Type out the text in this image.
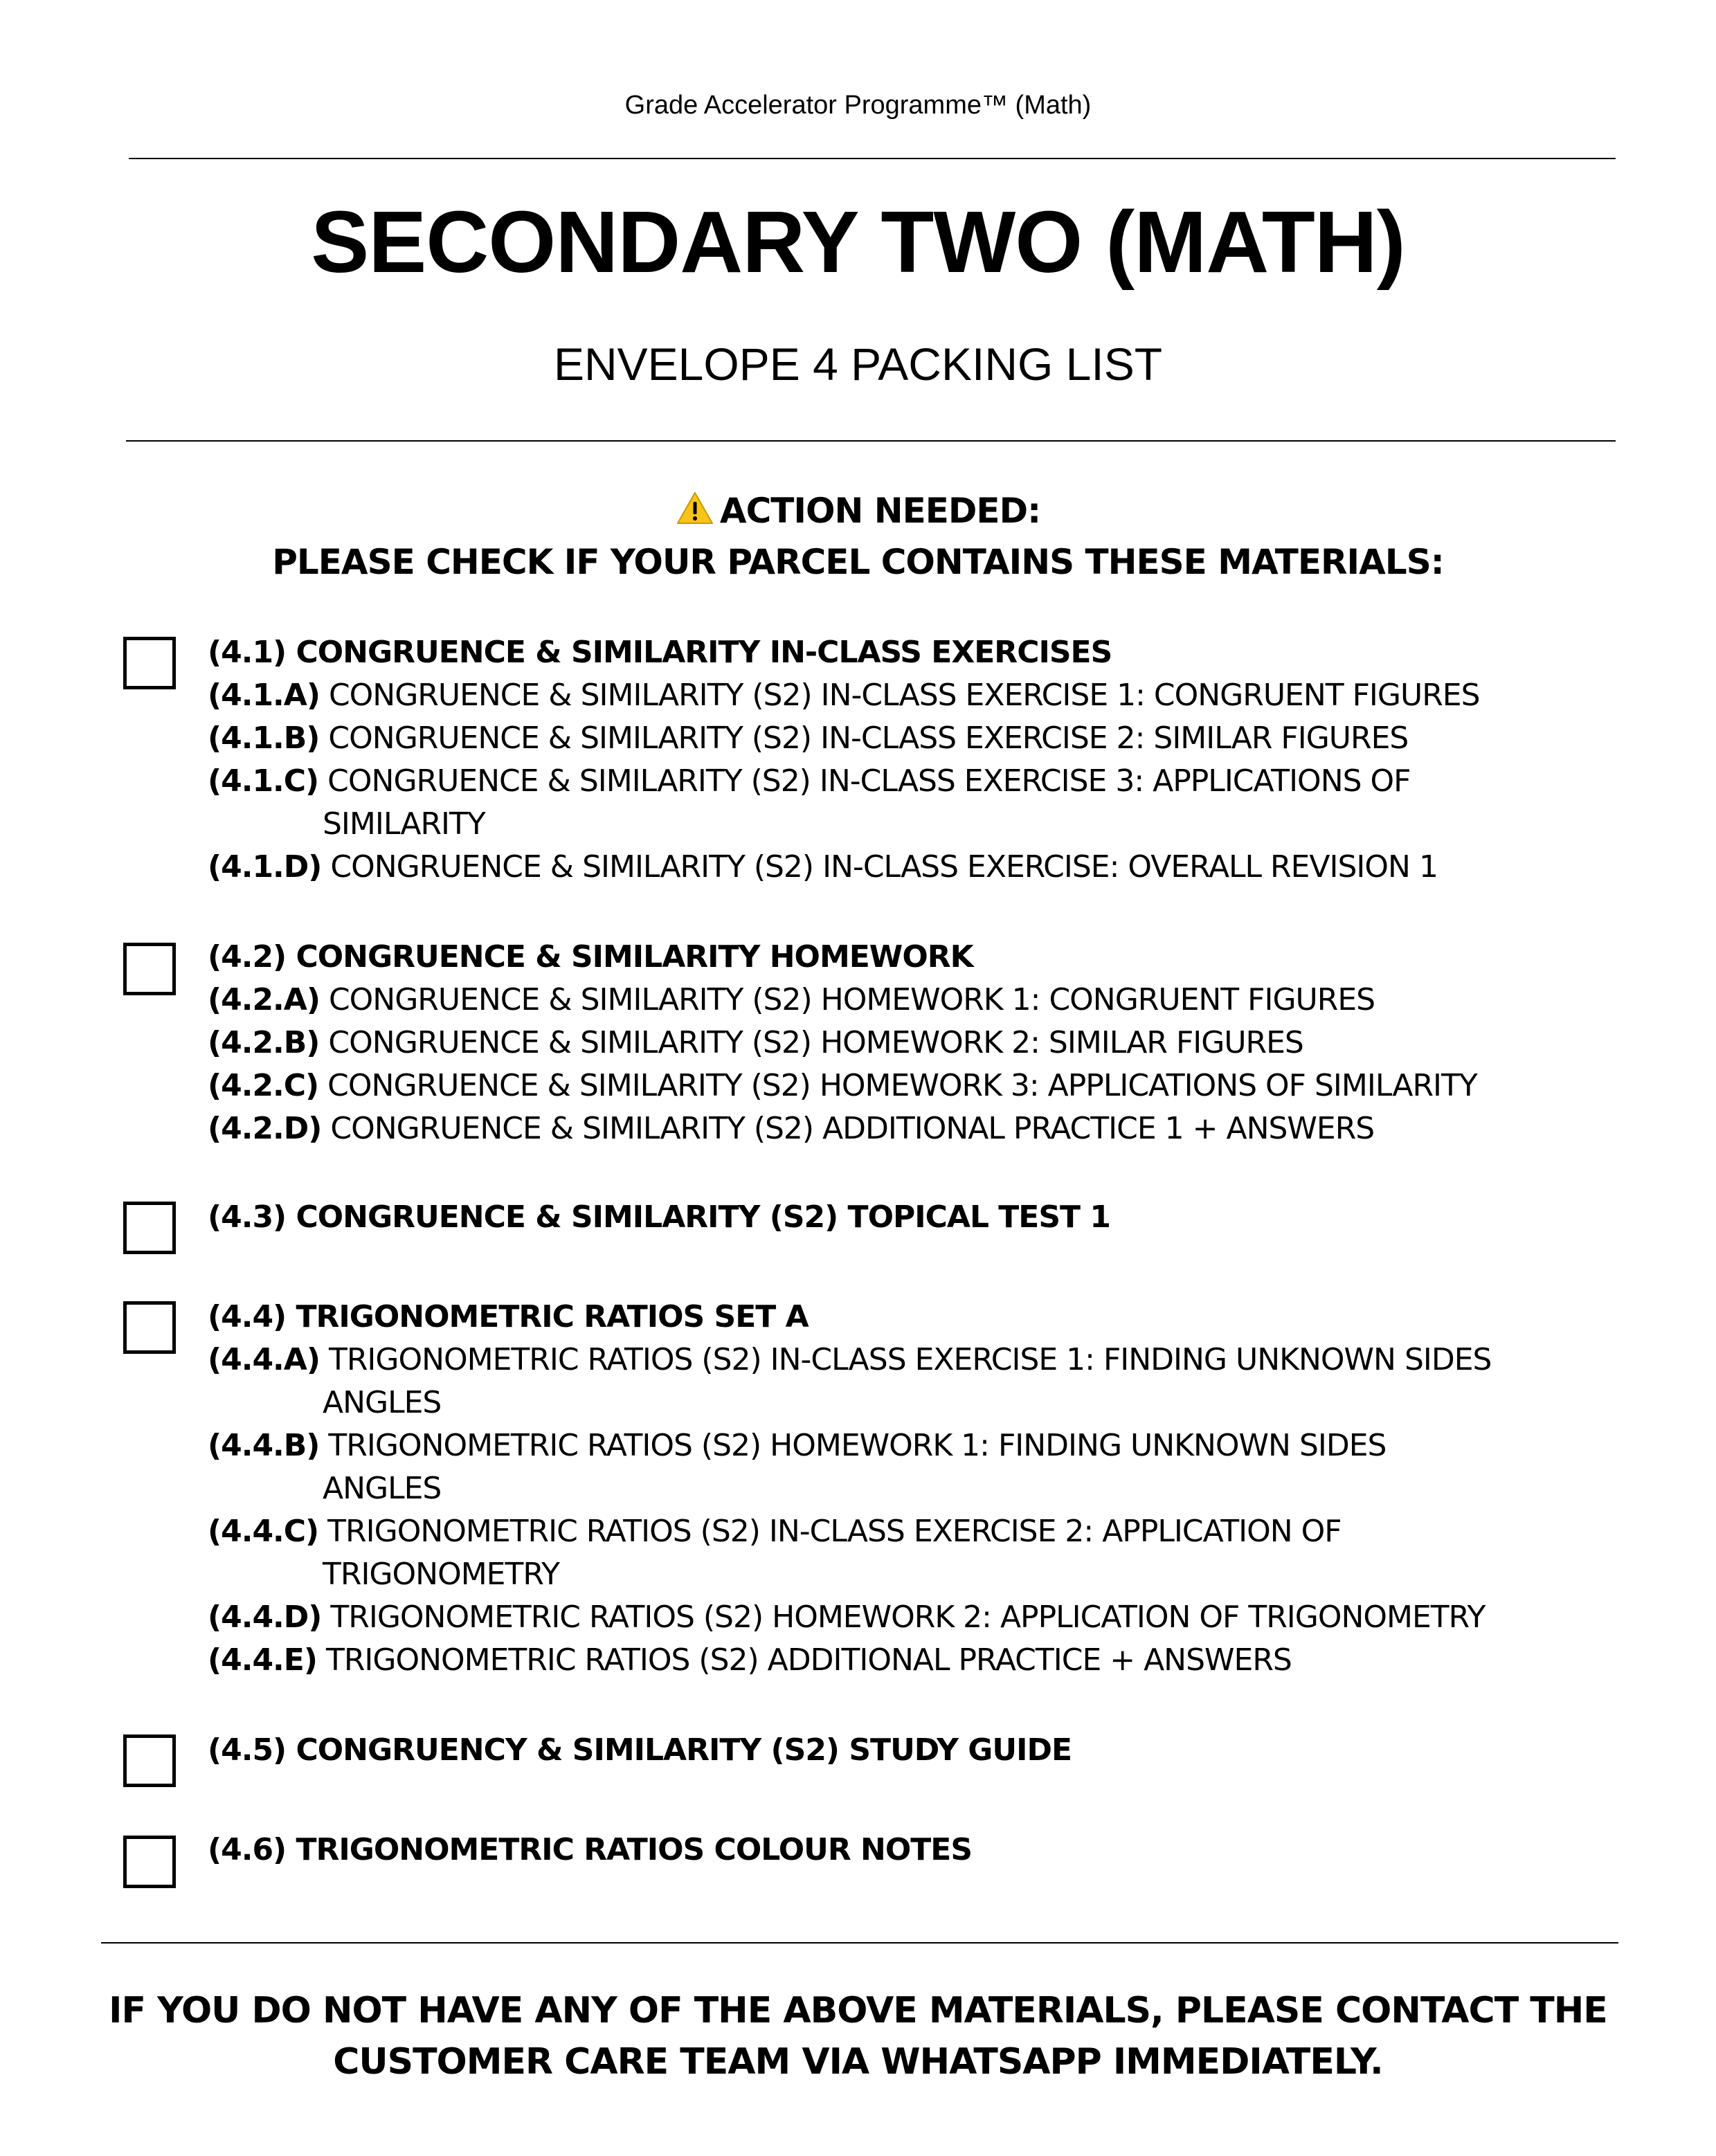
Grade Accelerator Programme™ (Math)
SECONDARY TWO (MATH)
ENVELOPE 4 PACKING LIST
ACTION NEEDED:
PLEASE CHECK IF YOUR PARCEL CONTAINS THESE MATERIALS:
(4.1) CONGRUENCE & SIMILARITY IN-CLASS EXERCISES
(4.1.A) CONGRUENCE & SIMILARITY (S2) IN-CLASS EXERCISE 1: CONGRUENT FIGURES
(4.1.B) CONGRUENCE & SIMILARITY (S2) IN-CLASS EXERCISE 2: SIMILAR FIGURES
(4.1.C) CONGRUENCE & SIMILARITY (S2) IN-CLASS EXERCISE 3: APPLICATIONS OF
SIMILARITY
(4.1.D) CONGRUENCE & SIMILARITY (S2) IN-CLASS EXERCISE: OVERALL REVISION 1
(4.2) CONGRUENCE & SIMILARITY HOMEWORK
(4.2.A) CONGRUENCE & SIMILARITY (S2) HOMEWORK 1: CONGRUENT FIGURES
(4.2.B) CONGRUENCE & SIMILARITY (S2) HOMEWORK 2: SIMILAR FIGURES
(4.2.C) CONGRUENCE & SIMILARITY (S2) HOMEWORK 3: APPLICATIONS OF SIMILARITY
(4.2.D) CONGRUENCE & SIMILARITY (S2) ADDITIONAL PRACTICE 1 + ANSWERS
(4.3) CONGRUENCE & SIMILARITY (S2) TOPICAL TEST 1
(4.4) TRIGONOMETRIC RATIOS SET A
(4.4.A) TRIGONOMETRIC RATIOS (S2) IN-CLASS EXERCISE 1: FINDING UNKNOWN SIDES
ANGLES
(4.4.B) TRIGONOMETRIC RATIOS (S2) HOMEWORK 1: FINDING UNKNOWN SIDES
ANGLES
(4.4.C) TRIGONOMETRIC RATIOS (S2) IN-CLASS EXERCISE 2: APPLICATION OF
TRIGONOMETRY
(4.4.D) TRIGONOMETRIC RATIOS (S2) HOMEWORK 2: APPLICATION OF TRIGONOMETRY
(4.4.E) TRIGONOMETRIC RATIOS (S2) ADDITIONAL PRACTICE + ANSWERS
(4.5) CONGRUENCY & SIMILARITY (S2) STUDY GUIDE
(4.6) TRIGONOMETRIC RATIOS COLOUR NOTES
IF YOU DO NOT HAVE ANY OF THE ABOVE MATERIALS, PLEASE CONTACT THE
CUSTOMER CARE TEAM VIA WHATSAPP IMMEDIATELY.
